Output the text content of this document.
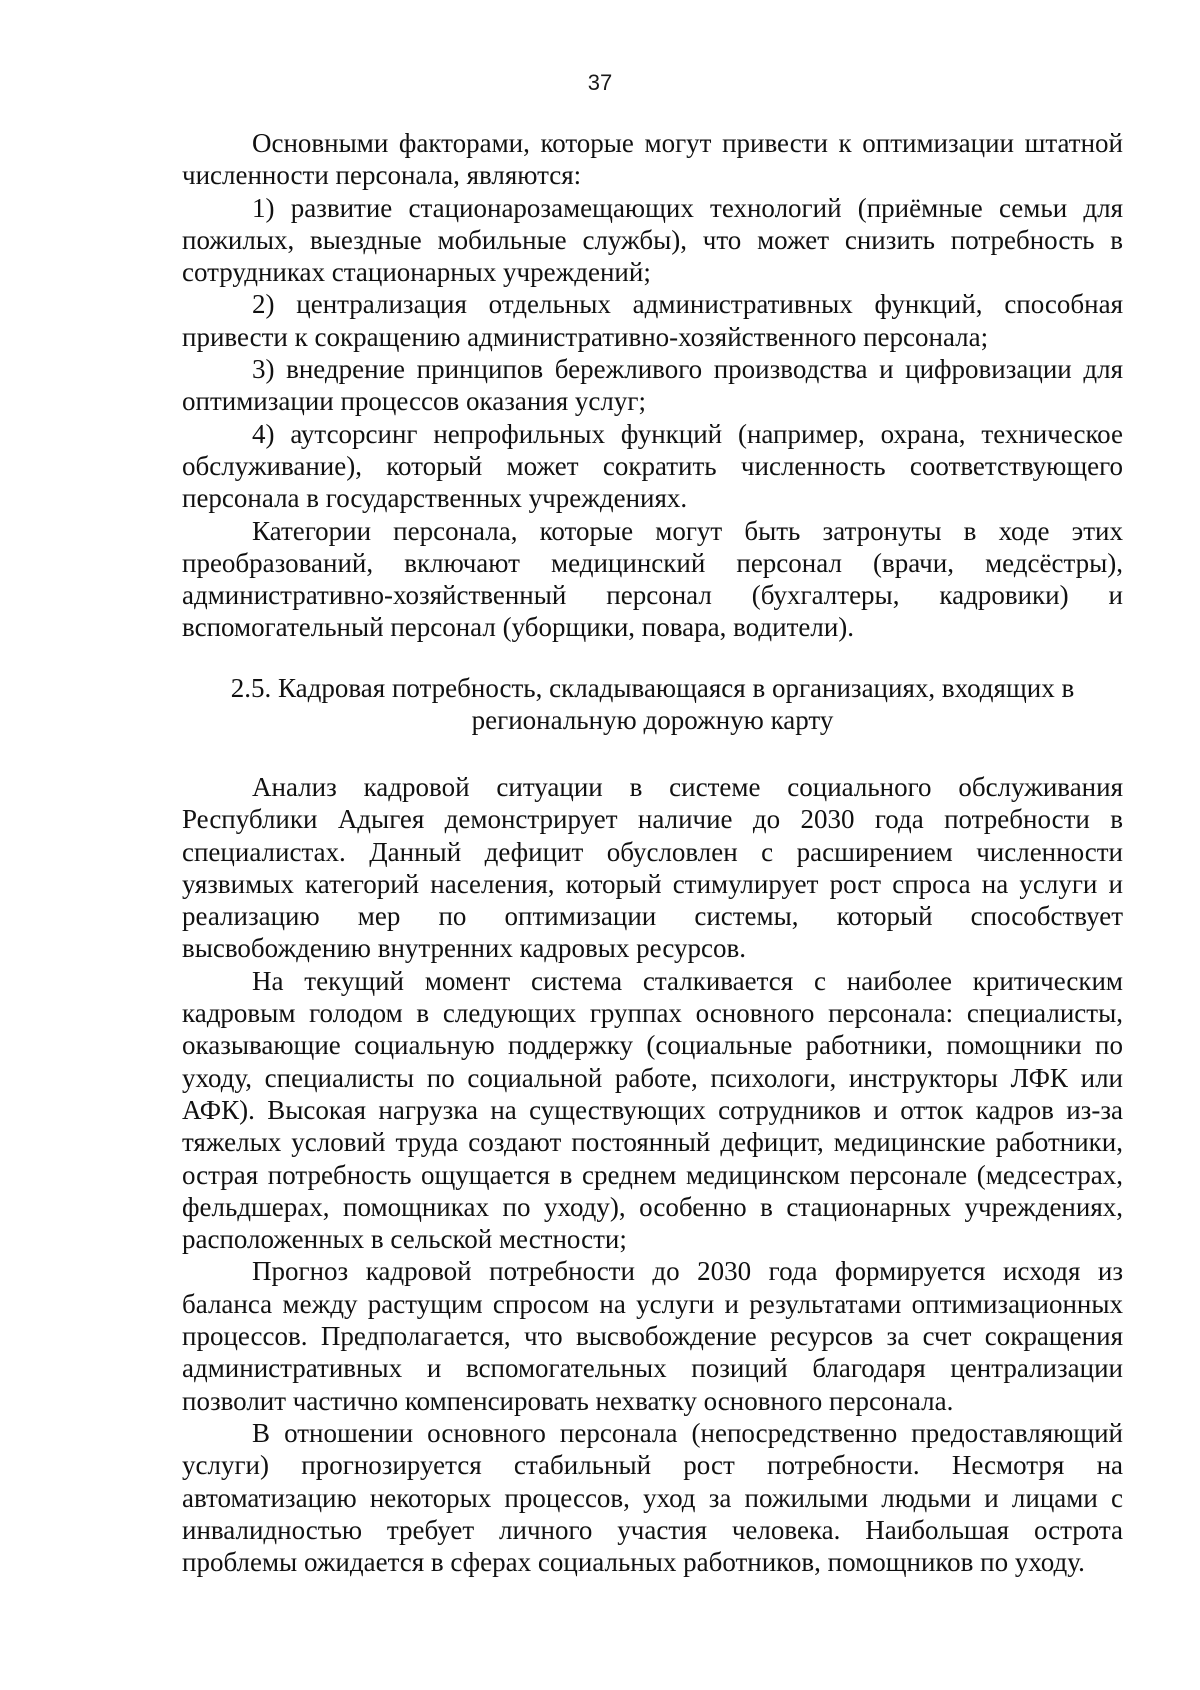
37

Основными факторами, которые могут привести к оптимизации штатной численности персонала, являются:

1) развитие стационарозамещающих технологий (приёмные семьи для пожилых, выездные мобильные службы), что может снизить потребность в сотрудниках стационарных учреждений;

2) централизация отдельных административных функций, способная привести к сокращению административно-хозяйственного персонала;

3) внедрение принципов бережливого производства и цифровизации для оптимизации процессов оказания услуг;

4) аутсорсинг непрофильных функций (например, охрана, техническое обслуживание), который может сократить численность соответствующего персонала в государственных учреждениях.

Категории персонала, которые могут быть затронуты в ходе этих преобразований, включают медицинский персонал (врачи, медсёстры), административно-хозяйственный персонал (бухгалтеры, кадровики) и вспомогательный персонал (уборщики, повара, водители).

2.5. Кадровая потребность, складывающаяся в организациях, входящих в
региональную дорожную карту

Анализ кадровой ситуации в системе социального обслуживания Республики Адыгея демонстрирует наличие до 2030 года потребности в специалистах. Данный дефицит обусловлен с расширением численности уязвимых категорий населения, который стимулирует рост спроса на услуги и реализацию мер по оптимизации системы, который способствует высвобождению внутренних кадровых ресурсов.

На текущий момент система сталкивается с наиболее критическим кадровым голодом в следующих группах основного персонала: специалисты, оказывающие социальную поддержку (социальные работники, помощники по уходу, специалисты по социальной работе, психологи, инструкторы ЛФК или АФК). Высокая нагрузка на существующих сотрудников и отток кадров из-за тяжелых условий труда создают постоянный дефицит, медицинские работники, острая потребность ощущается в среднем медицинском персонале (медсестрах, фельдшерах, помощниках по уходу), особенно в стационарных учреждениях, расположенных в сельской местности;

Прогноз кадровой потребности до 2030 года формируется исходя из баланса между растущим спросом на услуги и результатами оптимизационных процессов. Предполагается, что высвобождение ресурсов за счет сокращения административных и вспомогательных позиций благодаря централизации позволит частично компенсировать нехватку основного персонала.

В отношении основного персонала (непосредственно предоставляющий услуги) прогнозируется стабильный рост потребности. Несмотря на автоматизацию некоторых процессов, уход за пожилыми людьми и лицами с инвалидностью требует личного участия человека. Наибольшая острота проблемы ожидается в сферах социальных работников, помощников по уходу.
